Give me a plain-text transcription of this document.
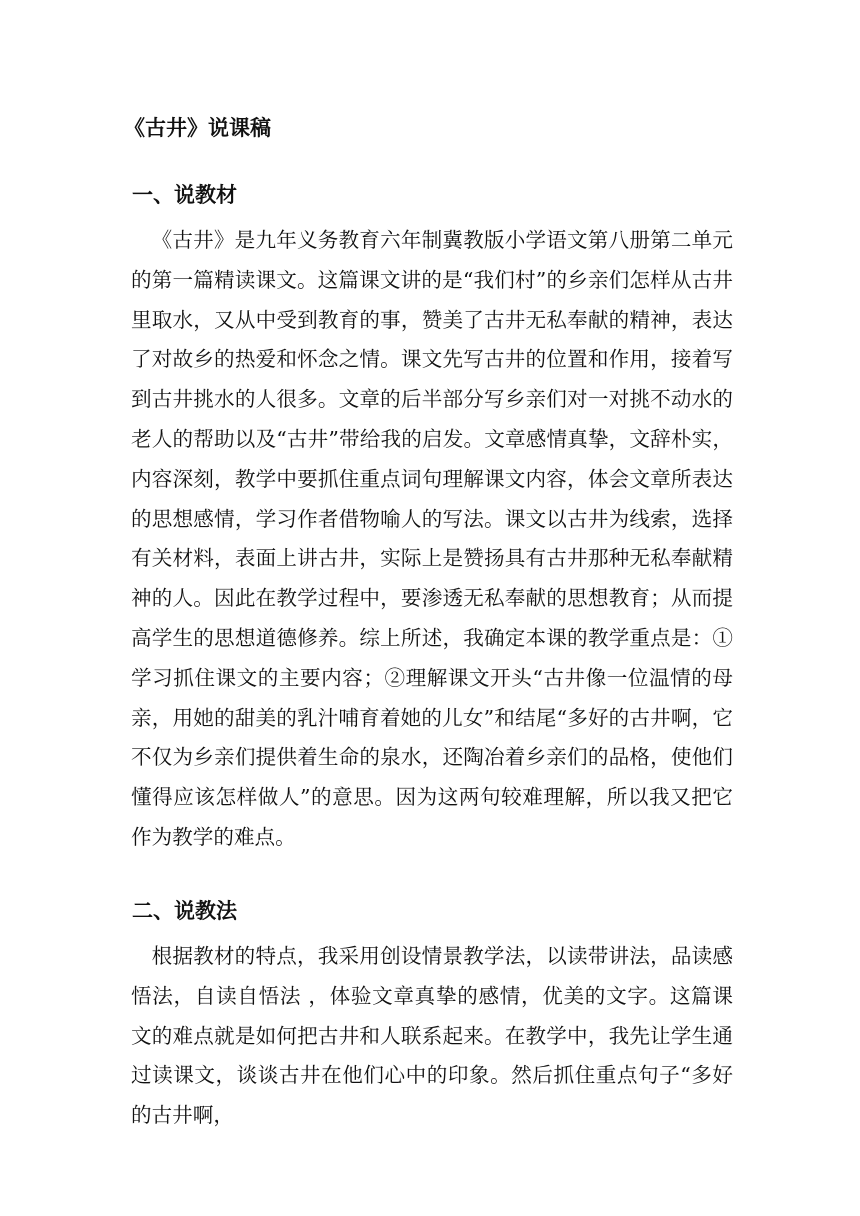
《古井》说课稿
一、说教材

《古井》是九年义务教育六年制冀教版小学语文第八册第二单元的第一篇精读课文。这篇课文讲的是“我们村”的乡亲们怎样从古井里取水，又从中受到教育的事，赞美了古井无私奉献的精神，表达了对故乡的热爱和怀念之情。课文先写古井的位置和作用，接着写到古井挑水的人很多。文章的后半部分写乡亲们对一对挑不动水的老人的帮助以及“古井”带给我的启发。文章感情真挚，文辞朴实，内容深刻，教学中要抓住重点词句理解课文内容，体会文章所表达的思想感情，学习作者借物喻人的写法。课文以古井为线索，选择有关材料，表面上讲古井，实际上是赞扬具有古井那种无私奉献精神的人。因此在教学过程中，要渗透无私奉献的思想教育；从而提高学生的思想道德修养。综上所述，我确定本课的教学重点是：①学习抓住课文的主要内容；②理解课文开头“古井像一位温情的母亲，用她的甜美的乳汁哺育着她的儿女”和结尾“多好的古井啊，它不仅为乡亲们提供着生命的泉水，还陶冶着乡亲们的品格，使他们懂得应该怎样做人”的意思。因为这两句较难理解，所以我又把它作为教学的难点。

二、说教法

根据教材的特点，我采用创设情景教学法，以读带讲法，品读感悟法，自读自悟法 ，体验文章真挚的感情，优美的文字。这篇课文的难点就是如何把古井和人联系起来。在教学中，我先让学生通过读课文，谈谈古井在他们心中的印象。然后抓住重点句子“多好的古井啊，
